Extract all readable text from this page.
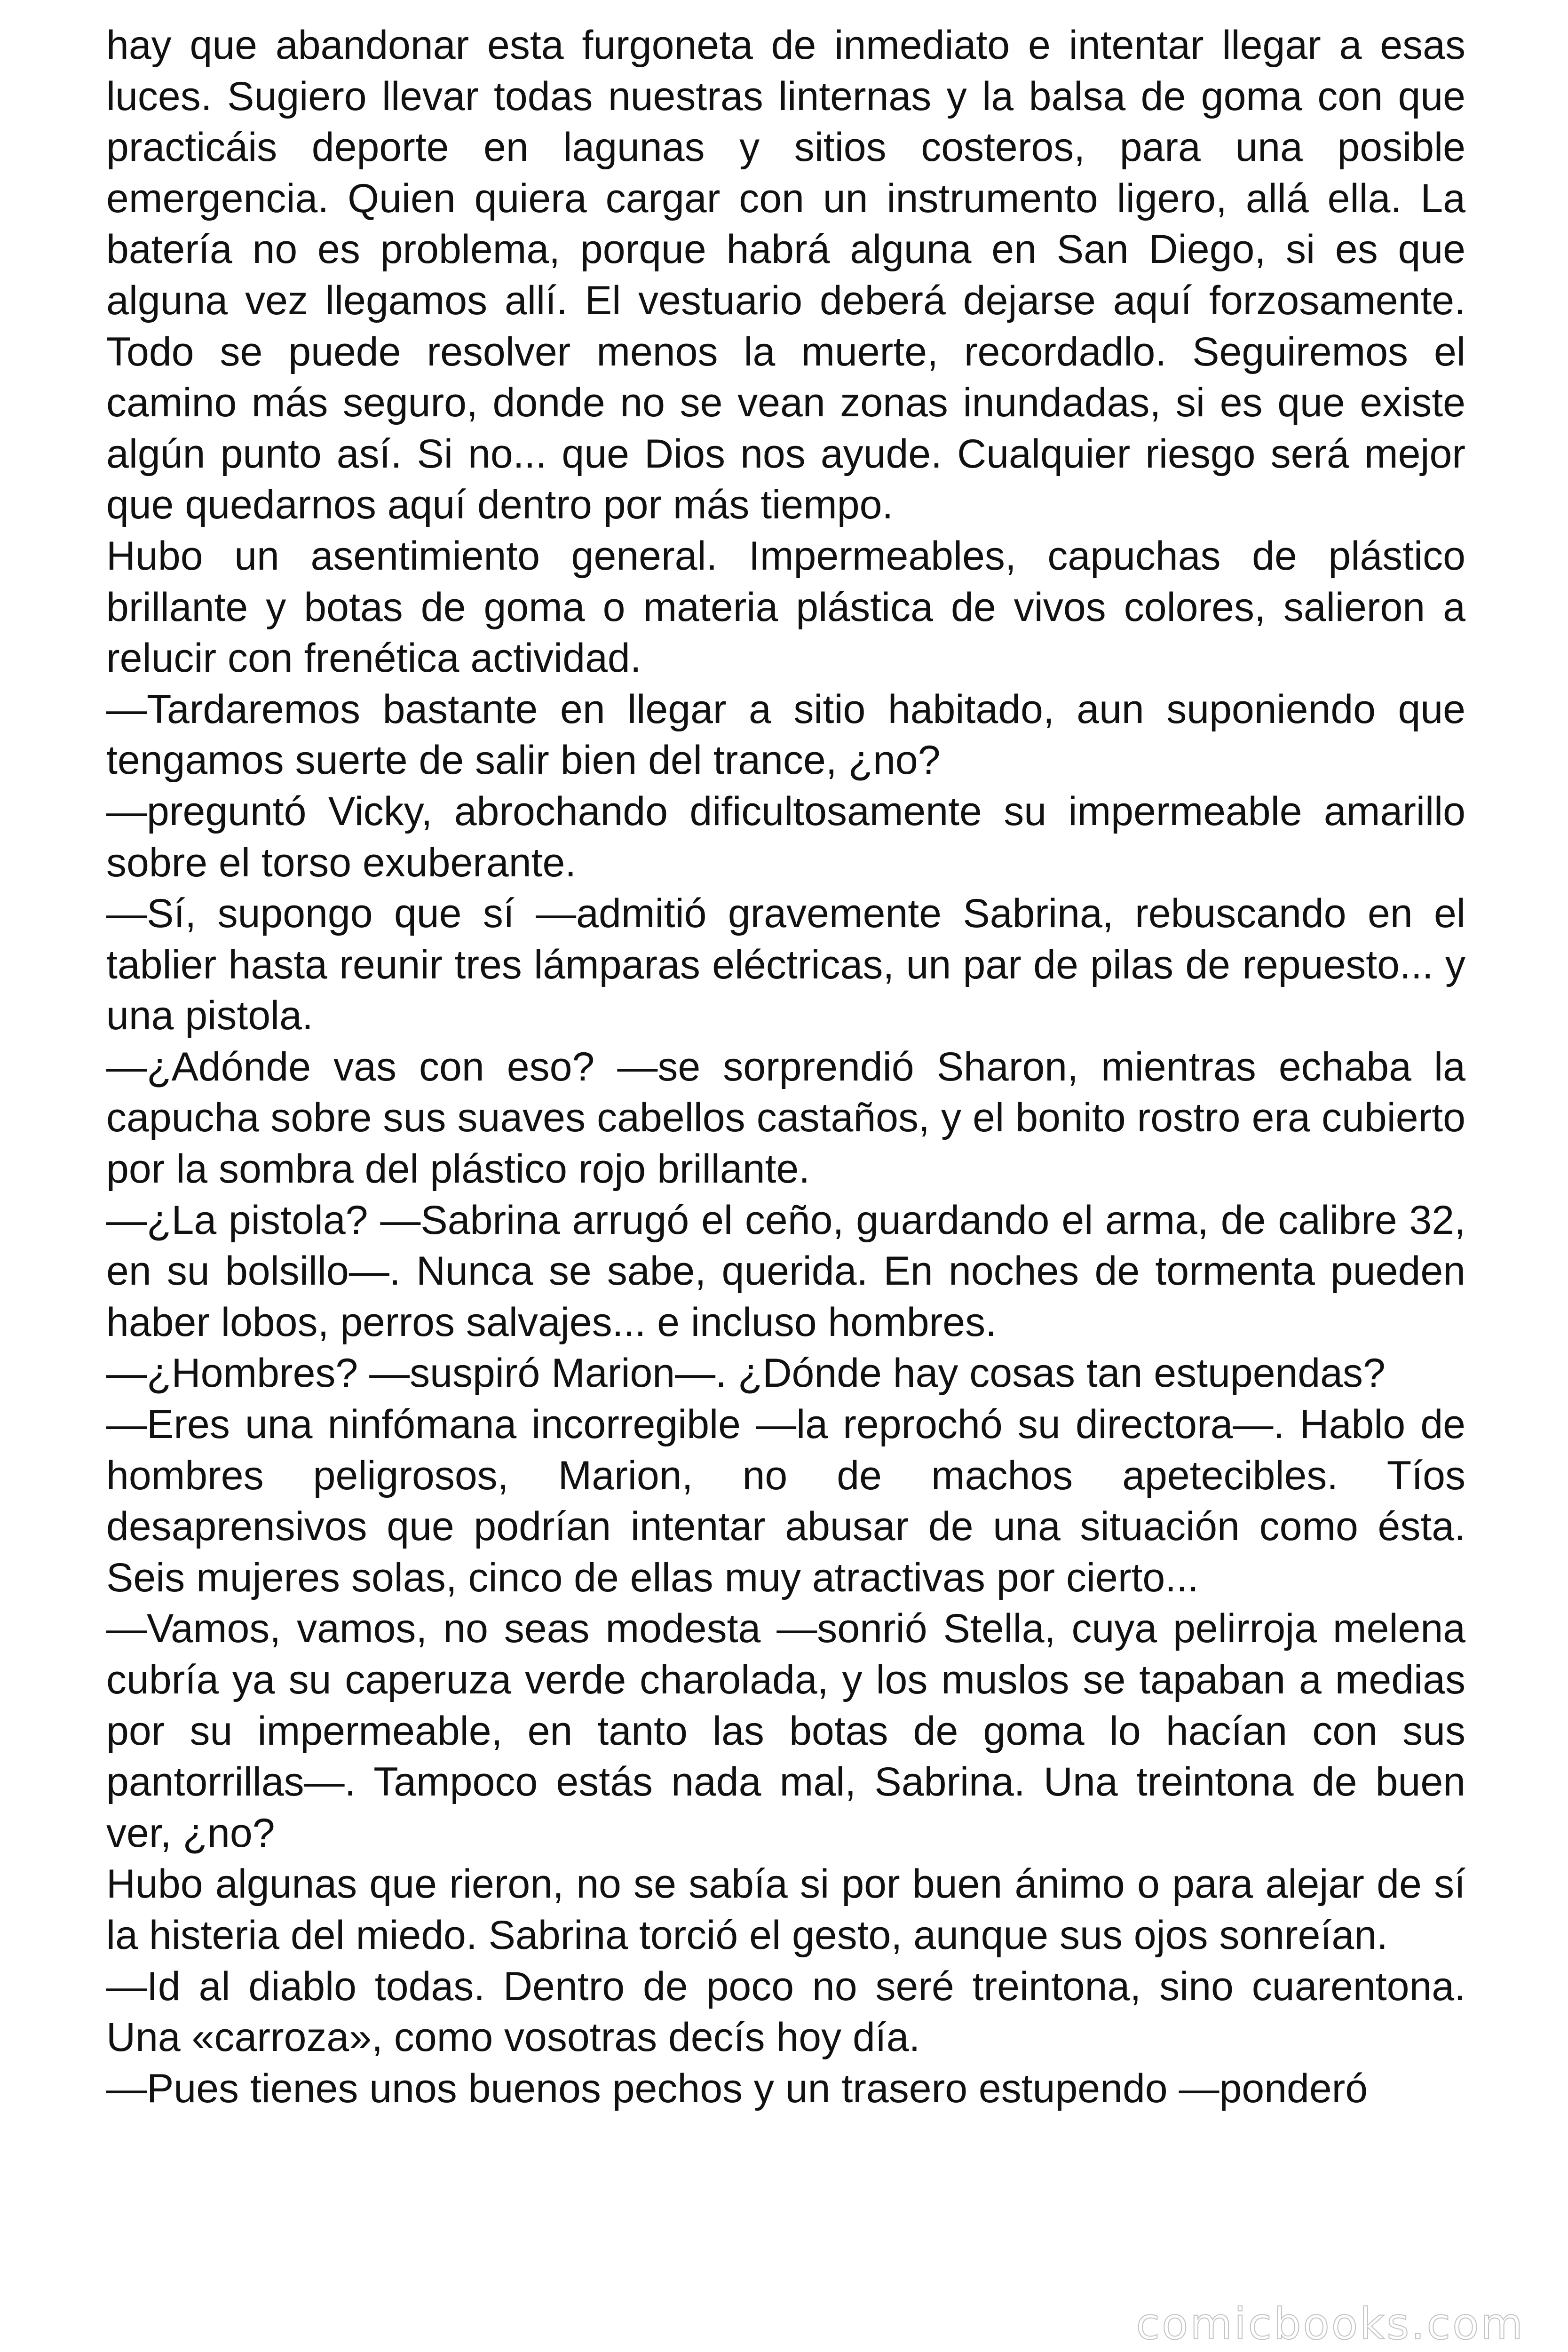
hay que abandonar esta furgoneta de inmediato e intentar llegar a esas luces. Sugiero llevar todas nuestras linternas y la balsa de goma con que practicáis deporte en lagunas y sitios costeros, para una posible emergencia. Quien quiera cargar con un instrumento ligero, allá ella. La batería no es problema, porque habrá alguna en San Diego, si es que alguna vez llegamos allí. El vestuario deberá dejarse aquí forzosamente. Todo se puede resolver menos la muerte, recordadlo. Seguiremos el camino más seguro, donde no se vean zonas inundadas, si es que existe algún punto así. Si no... que Dios nos ayude. Cualquier riesgo será mejor que quedarnos aquí dentro por más tiempo.

Hubo un asentimiento general. Impermeables, capuchas de plástico brillante y botas de goma o materia plástica de vivos colores, salieron a relucir con frenética actividad.

—Tardaremos bastante en llegar a sitio habitado, aun suponiendo que tengamos suerte de salir bien del trance, ¿no?

—preguntó Vicky, abrochando dificultosamente su impermeable amarillo sobre el torso exuberante.

—Sí, supongo que sí —admitió gravemente Sabrina, rebuscando en el tablier hasta reunir tres lámparas eléctricas, un par de pilas de repuesto... y una pistola.

—¿Adónde vas con eso? —se sorprendió Sharon, mientras echaba la capucha sobre sus suaves cabellos castaños, y el bonito rostro era cubierto por la sombra del plástico rojo brillante.

—¿La pistola? —Sabrina arrugó el ceño, guardando el arma, de calibre 32, en su bolsillo—. Nunca se sabe, querida. En noches de tormenta pueden haber lobos, perros salvajes... e incluso hombres.

—¿Hombres? —suspiró Marion—. ¿Dónde hay cosas tan estupendas?

—Eres una ninfómana incorregible —la reprochó su directora—. Hablo de hombres peligrosos, Marion, no de machos apetecibles. Tíos desaprensivos que podrían intentar abusar de una situación como ésta. Seis mujeres solas, cinco de ellas muy atractivas por cierto...

—Vamos, vamos, no seas modesta —sonrió Stella, cuya pelirroja melena cubría ya su caperuza verde charolada, y los muslos se tapaban a medias por su impermeable, en tanto las botas de goma lo hacían con sus pantorrillas—. Tampoco estás nada mal, Sabrina. Una treintona de buen ver, ¿no?

Hubo algunas que rieron, no se sabía si por buen ánimo o para alejar de sí la histeria del miedo. Sabrina torció el gesto, aunque sus ojos sonreían.

—Id al diablo todas. Dentro de poco no seré treintona, sino cuarentona. Una «carroza», como vosotras decís hoy día.

—Pues tienes unos buenos pechos y un trasero estupendo —ponderó

comicbooks.com
